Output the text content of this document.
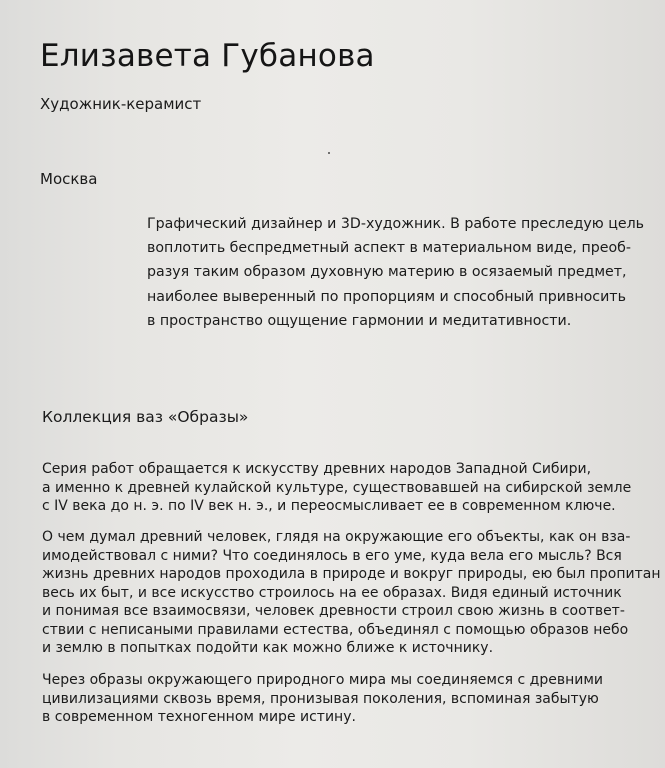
Елизавета Губанова
Художник-керамист
Москва
Графический дизайнер и 3D-художник. В работе преследую цель
воплотить беспредметный аспект в материальном виде, преоб-
разуя таким образом духовную материю в осязаемый предмет,
наиболее выверенный по пропорциям и способный привносить
в пространство ощущение гармонии и медитативности.
Коллекция ваз «Образы»
Серия работ обращается к искусству древних народов Западной Сибири,
а именно к древней кулайской культуре, существовавшей на сибирской земле
с IV века до н. э. по IV век н. э., и переосмысливает ее в современном ключе.
О чем думал древний человек, глядя на окружающие его объекты, как он вза-
имодействовал с ними? Что соединялось в его уме, куда вела его мысль? Вся
жизнь древних народов проходила в природе и вокруг природы, ею был пропитан
весь их быт, и все искусство строилось на ее образах. Видя единый источник
и понимая все взаимосвязи, человек древности строил свою жизнь в соответ-
ствии с неписаными правилами естества, объединял с помощью образов небо
и землю в попытках подойти как можно ближе к источнику.
Через образы окружающего природного мира мы соединяемся с древними
цивилизациями сквозь время, пронизывая поколения, вспоминая забытую
в современном техногенном мире истину.
